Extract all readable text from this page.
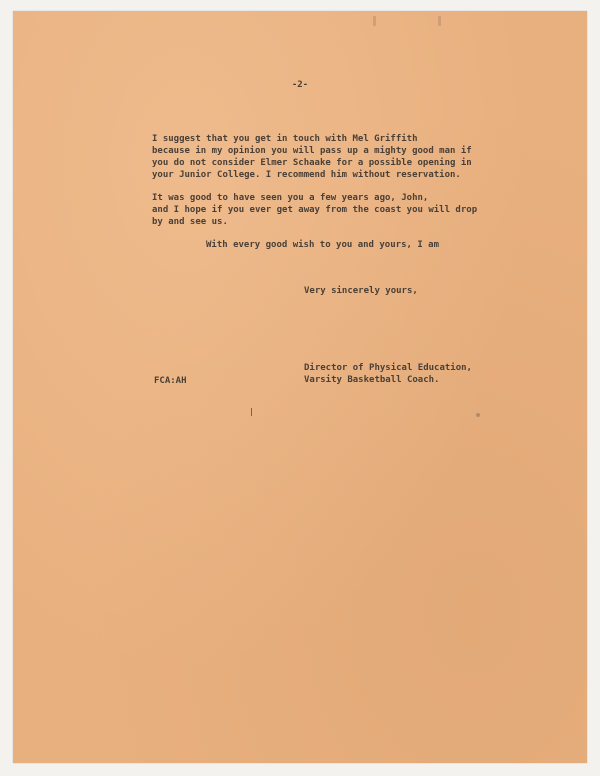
-2-
I suggest that you get in touch with Mel Griffith
because in my opinion you will pass up a mighty good man if
you do not consider Elmer Schaake for a possible opening in
your Junior College. I recommend him without reservation.
It was good to have seen you a few years ago, John,
and I hope if you ever get away from the coast you will drop
by and see us.
With every good wish to you and yours, I am
Very sincerely yours,
Director of Physical Education,
Varsity Basketball Coach.
FCA:AH
